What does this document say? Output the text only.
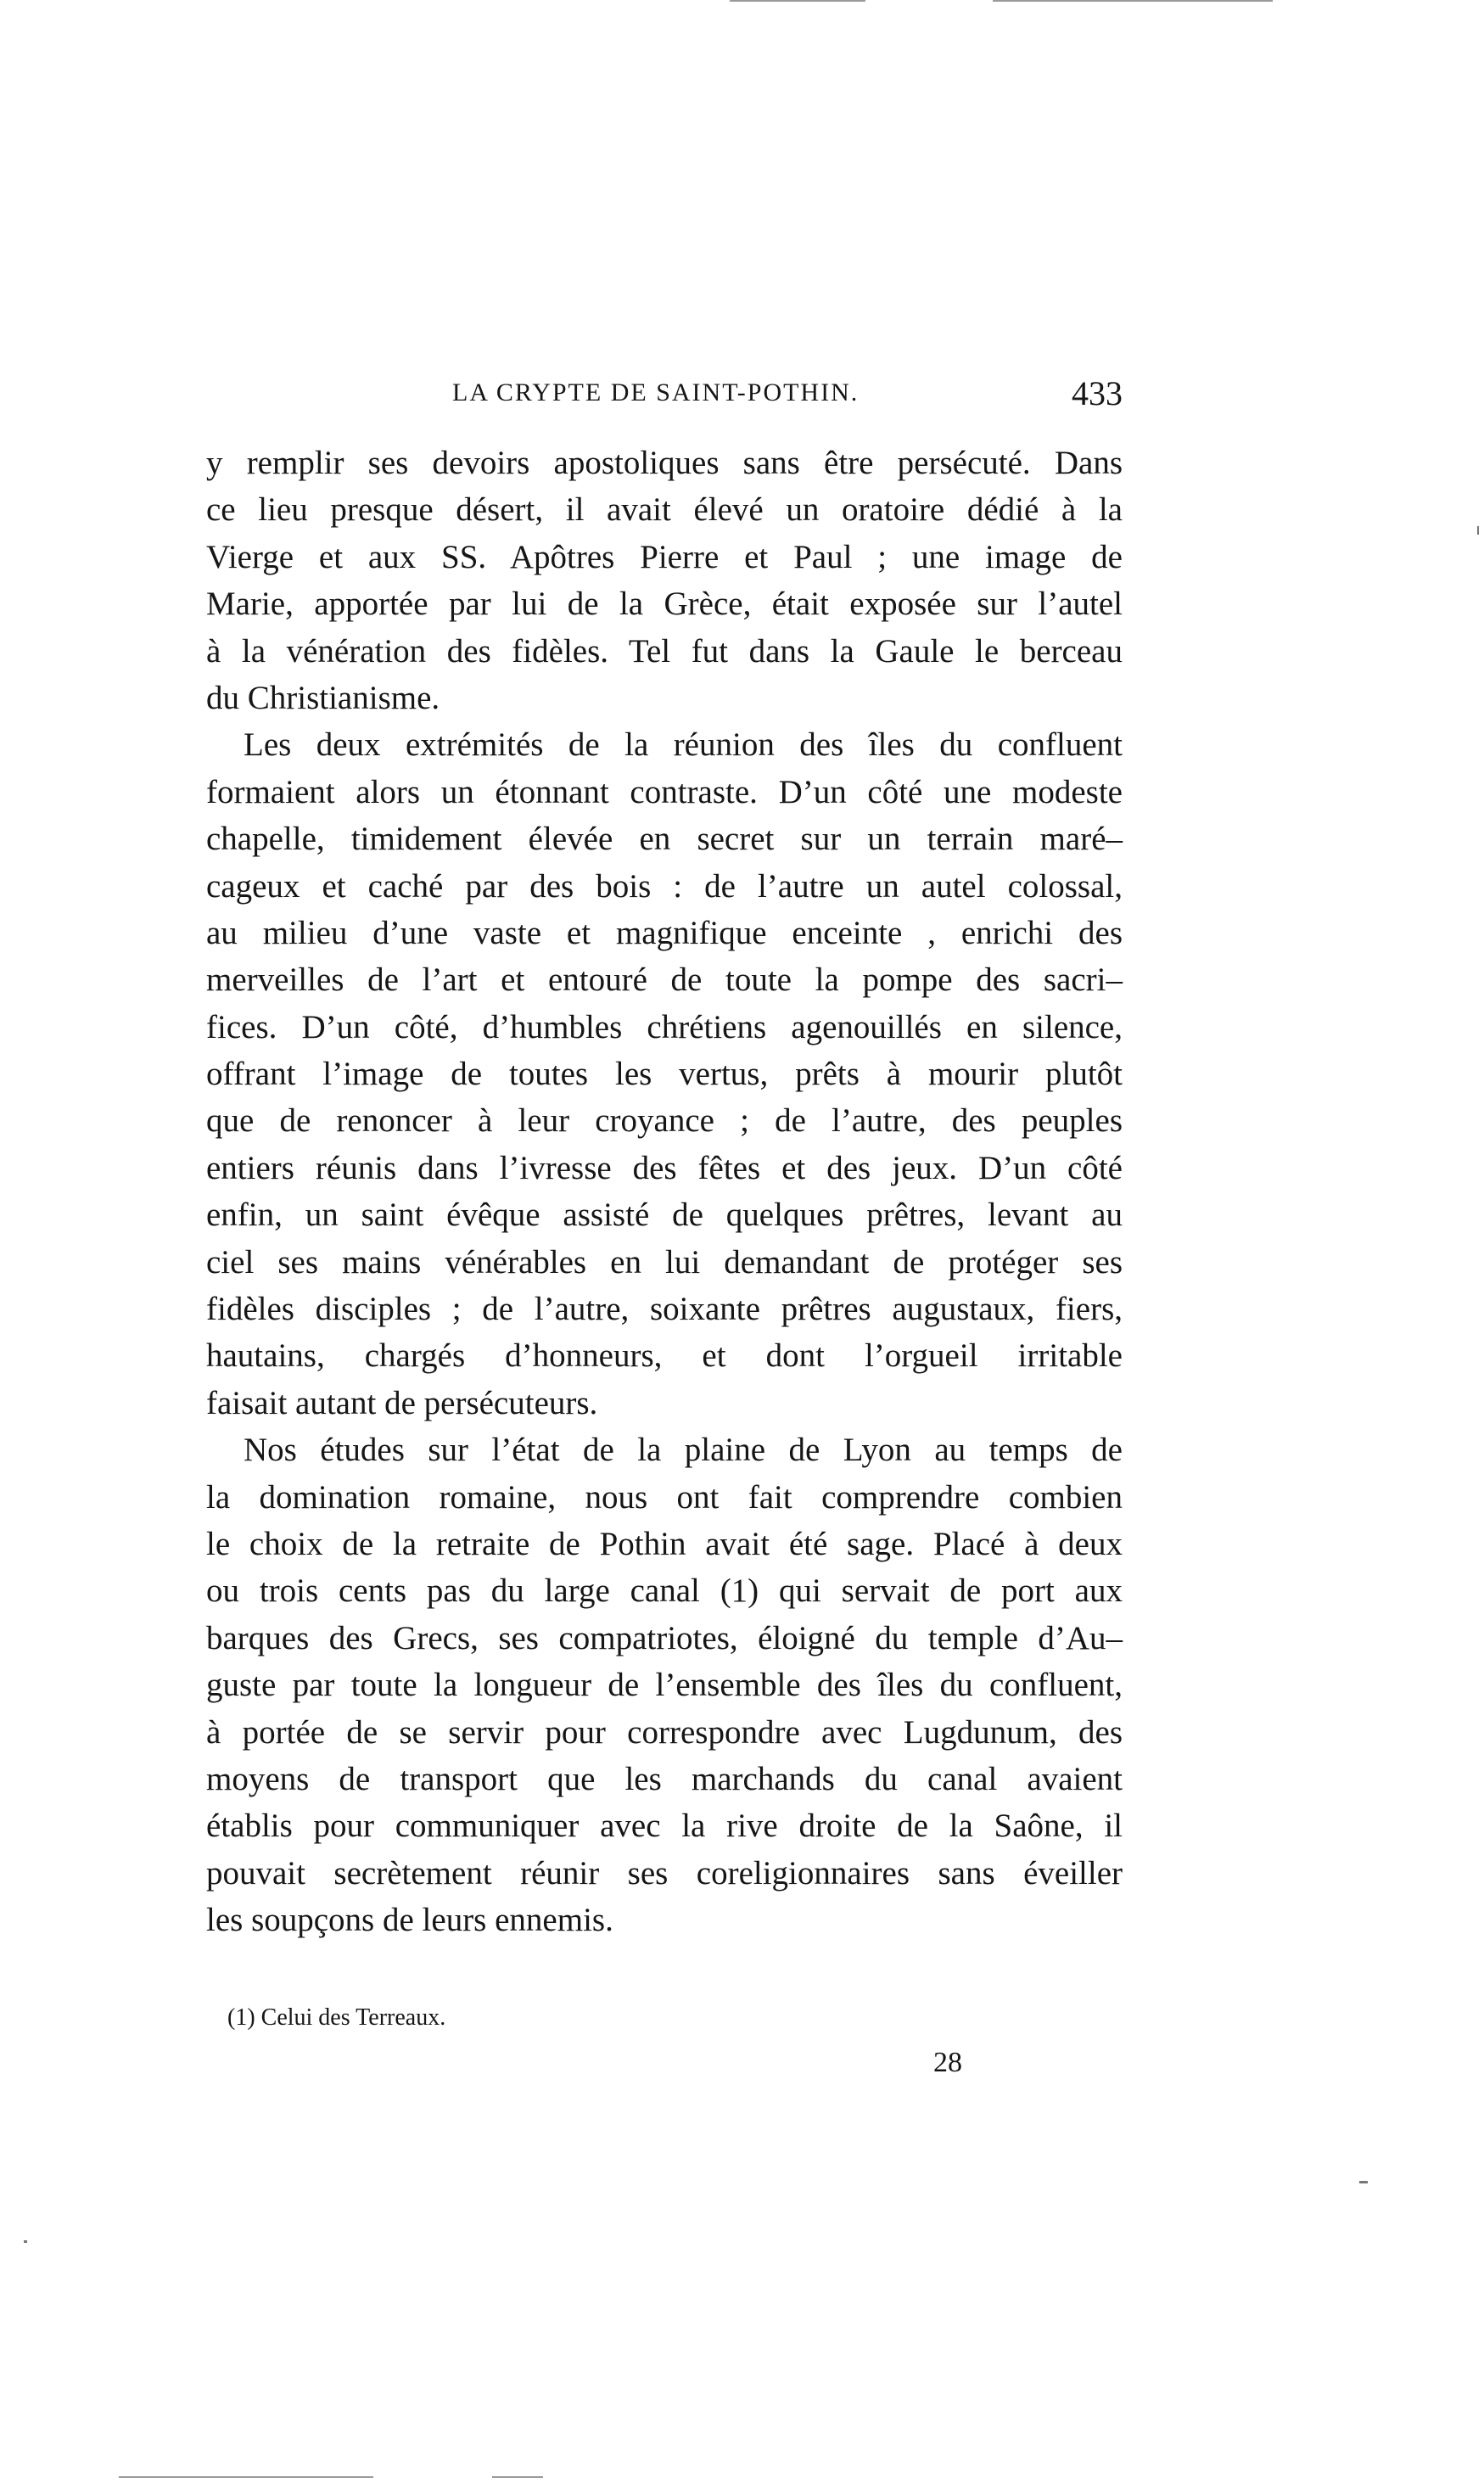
LA CRYPTE DE SAINT-POTHIN.	433
y remplir ses devoirs apostoliques sans être persécuté. Dans
ce lieu presque désert, il avait élevé un oratoire dédié à la
Vierge et aux SS. Apôtres Pierre et Paul ; une image de
Marie, apportée par lui de la Grèce, était exposée sur l’autel
à la vénération des fidèles. Tel fut dans la Gaule le berceau
du Christianisme.
Les deux extrémités de la réunion des îles du confluent
formaient alors un étonnant contraste. D’un côté une modeste
chapelle, timidement élevée en secret sur un terrain maré–
cageux et caché par des bois : de l’autre un autel colossal,
au milieu d’une vaste et magnifique enceinte , enrichi des
merveilles de l’art et entouré de toute la pompe des sacri–
fices. D’un côté, d’humbles chrétiens agenouillés en silence,
offrant l’image de toutes les vertus, prêts à mourir plutôt
que de renoncer à leur croyance ; de l’autre, des peuples
entiers réunis dans l’ivresse des fêtes et des jeux. D’un côté
enfin, un saint évêque assisté de quelques prêtres, levant au
ciel ses mains vénérables en lui demandant de protéger ses
fidèles disciples ; de l’autre, soixante prêtres augustaux, fiers,
hautains, chargés d’honneurs, et dont l’orgueil irritable
faisait autant de persécuteurs.
Nos études sur l’état de la plaine de Lyon au temps de
la domination romaine, nous ont fait comprendre combien
le choix de la retraite de Pothin avait été sage. Placé à deux
ou trois cents pas du large canal (1) qui servait de port aux
barques des Grecs, ses compatriotes, éloigné du temple d’Au–
guste par toute la longueur de l’ensemble des îles du confluent,
à portée de se servir pour correspondre avec Lugdunum, des
moyens de transport que les marchands du canal avaient
établis pour communiquer avec la rive droite de la Saône, il
pouvait secrètement réunir ses coreligionnaires sans éveiller
les soupçons de leurs ennemis.
(1) Celui des Terreaux.
28
